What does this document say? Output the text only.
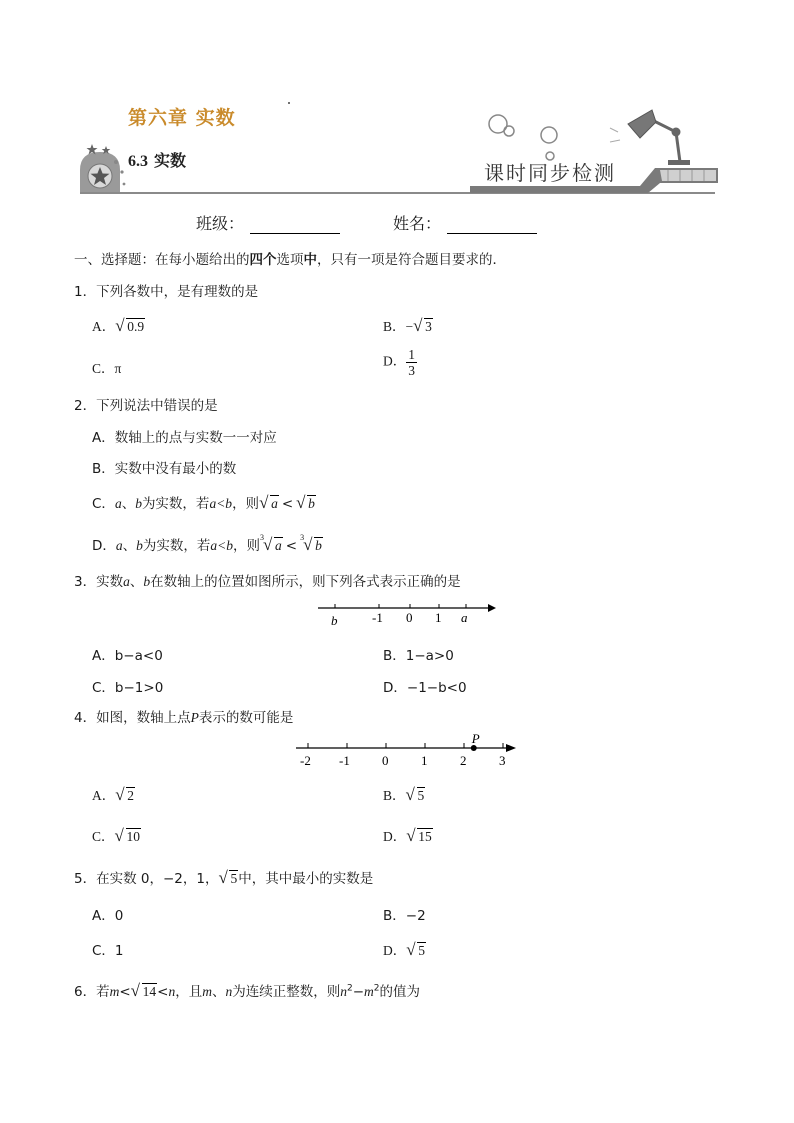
第六章 实数
6.3 实数
课时同步检测
班级：	姓名：
一、选择题：在每小题给出的四个选项中，只有一项是符合题目要求的．
1．下列各数中，是有理数的是
A． √ 0.9	B．− √ 3
C．π	D． $\frac{1}{3}$
2．下列说法中错误的是
A．数轴上的点与实数一一对应
B．实数中没有最小的数
C．a、b为实数，若a<b，则 √ a < √ b
D．a、b为实数，若a<b，则
√ 3
a <
√ 3
b
3．实数a、b在数轴上的位置如图所示，则下列各式表示正确的是
b	-1 0 1 a
A．b−a<0	B．1−a>0
C．b−1>0	D．−1−b<0
4．如图，数轴上点P表示的数可能是
-2 -1 0	1	2	3
P
A． √ 2	B． √ 5
C． √ 10	D． √ 15
5．在实数 0，−2，1， √ 5中，其中最小的实数是
A．0	B．−2
C．1	D． √ 5
6．若m< √ 14<n，且m、n为连续正整数，则$n^2-m^2$的值为
